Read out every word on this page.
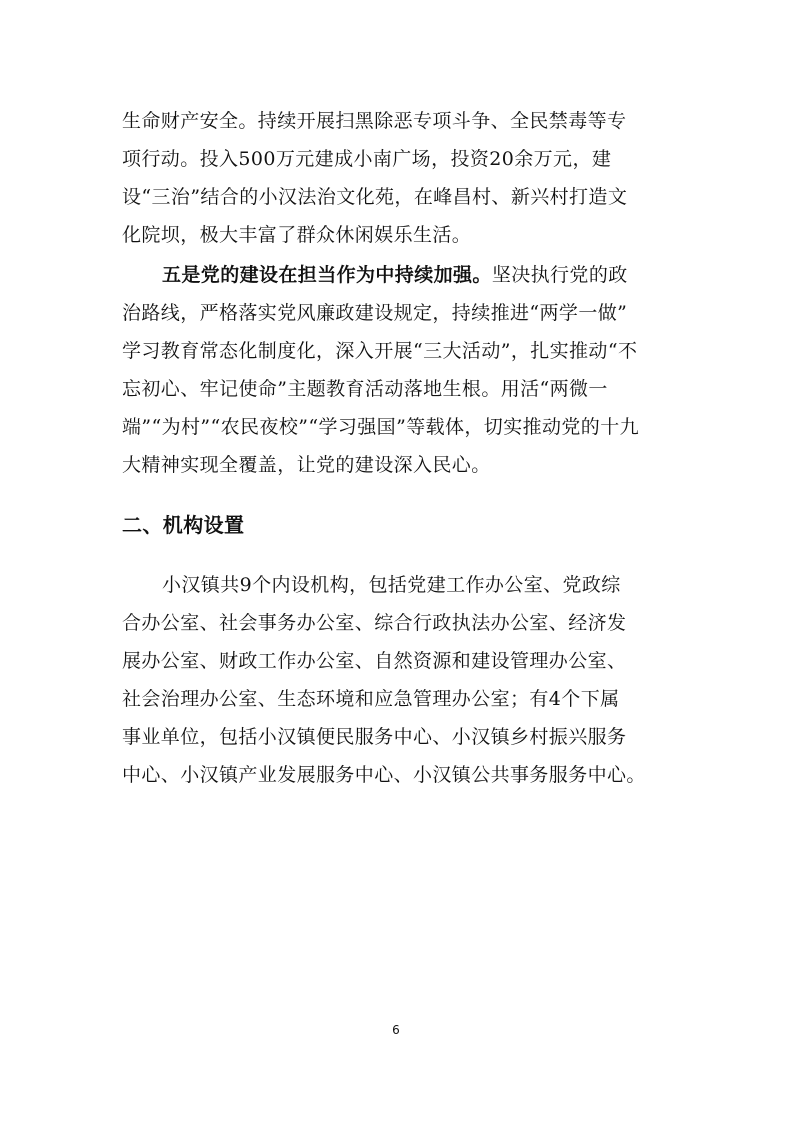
生命财产安全。持续开展扫黑除恶专项斗争、全民禁毒等专

项行动。投入500万元建成小南广场，投资20余万元，建

设“三治”结合的小汉法治文化苑，在峰昌村、新兴村打造文

化院坝，极大丰富了群众休闲娱乐生活。

五是党的建设在担当作为中持续加强。坚决执行党的政

治路线，严格落实党风廉政建设规定，持续推进“两学一做”

学习教育常态化制度化，深入开展“三大活动”，扎实推动“不

忘初心、牢记使命”主题教育活动落地生根。用活“两微一

端”“为村”“农民夜校”“学习强国”等载体，切实推动党的十九

大精神实现全覆盖，让党的建设深入民心。

二、机构设置

小汉镇共9个内设机构，包括党建工作办公室、党政综

合办公室、社会事务办公室、综合行政执法办公室、经济发

展办公室、财政工作办公室、自然资源和建设管理办公室、

社会治理办公室、生态环境和应急管理办公室；有4个下属

事业单位，包括小汉镇便民服务中心、小汉镇乡村振兴服务

中心、小汉镇产业发展服务中心、小汉镇公共事务服务中心。

6
